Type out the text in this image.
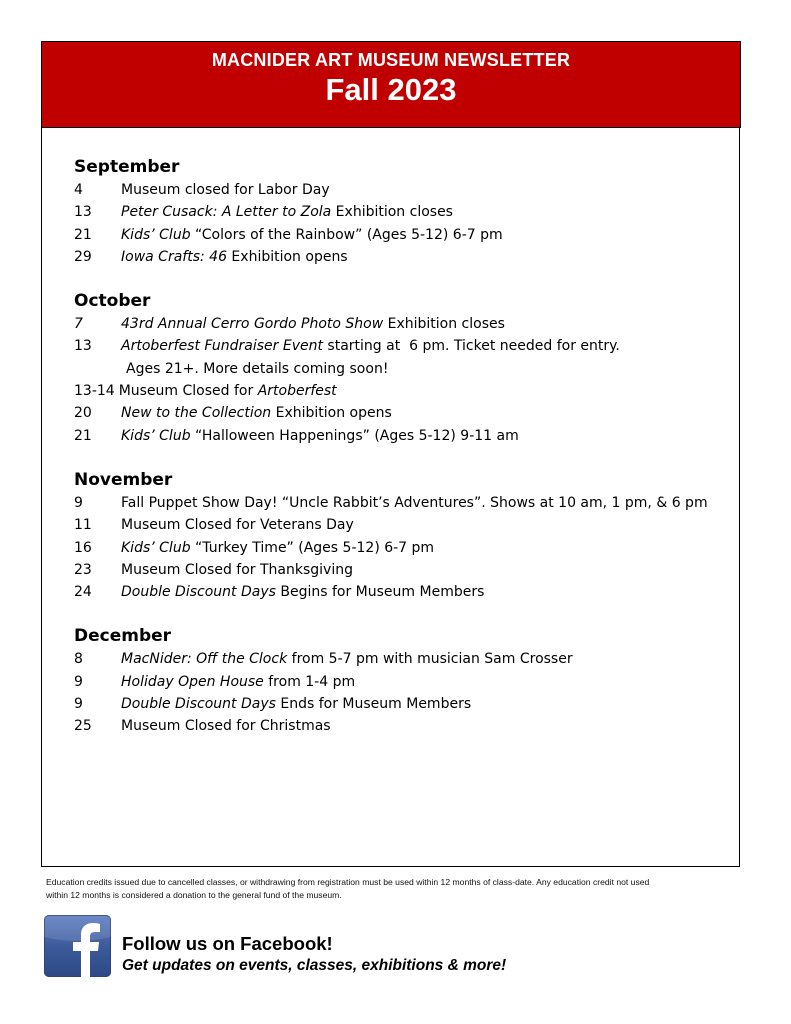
MACNIDER ART MUSEUM NEWSLETTER
Fall 2023
September
4	Museum closed for Labor Day
13	Peter Cusack: A Letter to Zola Exhibition closes
21	Kids’ Club “Colors of the Rainbow” (Ages 5-12) 6-7 pm
29	Iowa Crafts: 46 Exhibition opens
October
7	43rd Annual Cerro Gordo Photo Show Exhibition closes
13	Artoberfest Fundraiser Event starting at  6 pm. Ticket needed for entry.
Ages 21+. More details coming soon!
13-14 Museum Closed for Artoberfest
20	New to the Collection Exhibition opens
21	Kids’ Club “Halloween Happenings” (Ages 5-12) 9-11 am
November
9	Fall Puppet Show Day! “Uncle Rabbit’s Adventures”. Shows at 10 am, 1 pm, & 6 pm
11	Museum Closed for Veterans Day
16	Kids’ Club “Turkey Time” (Ages 5-12) 6-7 pm
23	Museum Closed for Thanksgiving
24	Double Discount Days Begins for Museum Members
December
8	MacNider: Off the Clock from 5-7 pm with musician Sam Crosser
9	Holiday Open House from 1-4 pm
9	Double Discount Days Ends for Museum Members
25	Museum Closed for Christmas
Education credits issued due to cancelled classes, or withdrawing from registration must be used within 12 months of class-date. Any education credit not used
within 12 months is considered a donation to the general fund of the museum.
Follow us on Facebook!
Get updates on events, classes, exhibitions & more!
